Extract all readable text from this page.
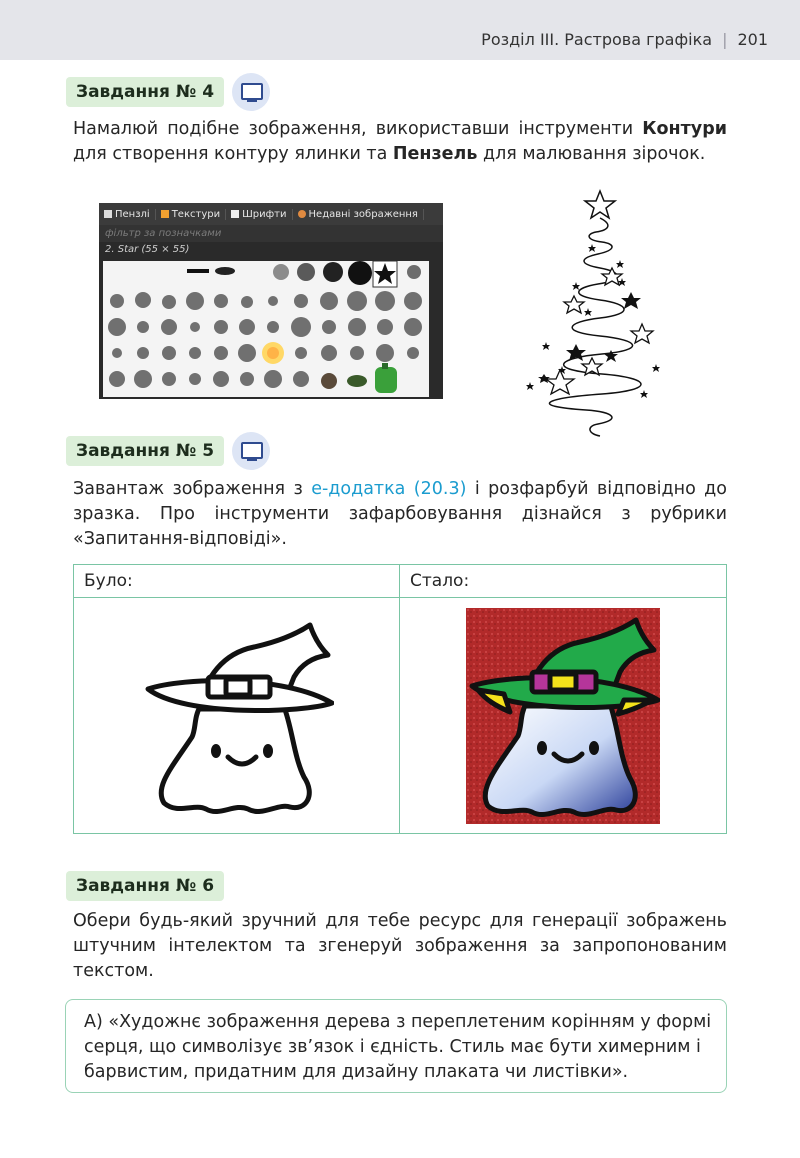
Розділ ІІІ. Растрова графіка | 201
Завдання № 4
Намалюй подібне зображення, використавши інструменти Контури для створення контуру ялинки та Пензель для малювання зірочок.
Пензлі	Текстури	Шрифти	Недавні зображення
фільтр за позначками
2. Star (55 × 55)
Завдання № 5
Завантаж зображення з е-додатка (20.3) і розфарбуй відповідно до зразка. Про інструменти зафарбовування дізнайся з рубрики «Запитання-відповіді».
Було:	Стало:
Завдання № 6
Обери будь-який зручний для тебе ресурс для генерації зображень штучним інтелектом та згенеруй зображення за запропонованим текстом.
А) «Художнє зображення дерева з переплетеним корінням у формі серця, що символізує зв’язок і єдність. Стиль має бути химерним і барвистим, придатним для дизайну плаката чи листівки».
